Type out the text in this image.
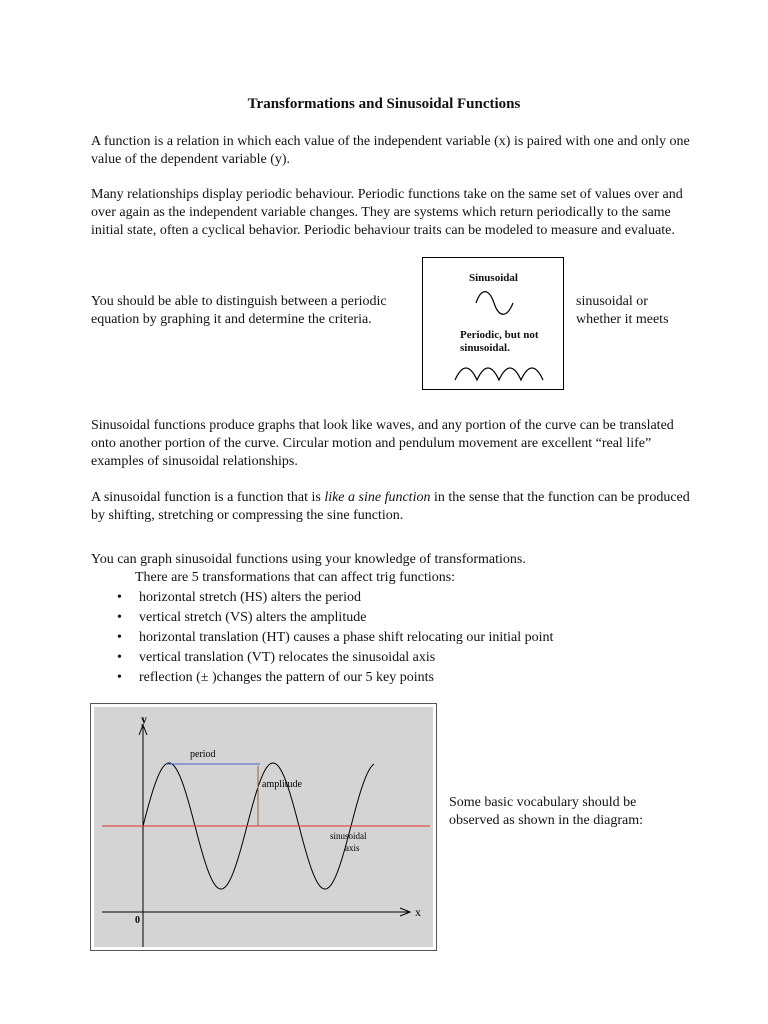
Transformations and Sinusoidal Functions
A function is a relation in which each value of the independent variable (x) is paired with one and only one value of the dependent variable (y).
Many relationships display periodic behaviour. Periodic functions take on the same set of values over and over again as the independent variable changes. They are systems which return periodically to the same initial state, often a cyclical behavior. Periodic behaviour traits can be modeled to measure and evaluate.
You should be able to distinguish between a periodic equation by graphing it and determine the criteria.
sinusoidal or whether it meets
Sinusoidal
Periodic, but not sinusoidal.
Sinusoidal functions produce graphs that look like waves, and any portion of the curve can be translated onto another portion of the curve. Circular motion and pendulum movement are excellent “real life” examples of sinusoidal relationships.
A sinusoidal function is a function that is like a sine function in the sense that the function can be produced by shifting, stretching or compressing the sine function.
You can graph sinusoidal functions using your knowledge of transformations.
There are 5 transformations that can affect trig functions:
• horizontal stretch (HS) alters the period
• vertical stretch (VS) alters the amplitude
• horizontal translation (HT) causes a phase shift relocating our initial point
• vertical translation (VT) relocates the sinusoidal axis
• reflection (± )changes the pattern of our 5 key points
y
x
0
period
amplitude
sinusoidal
axis
Some basic vocabulary should be observed as shown in the diagram:
